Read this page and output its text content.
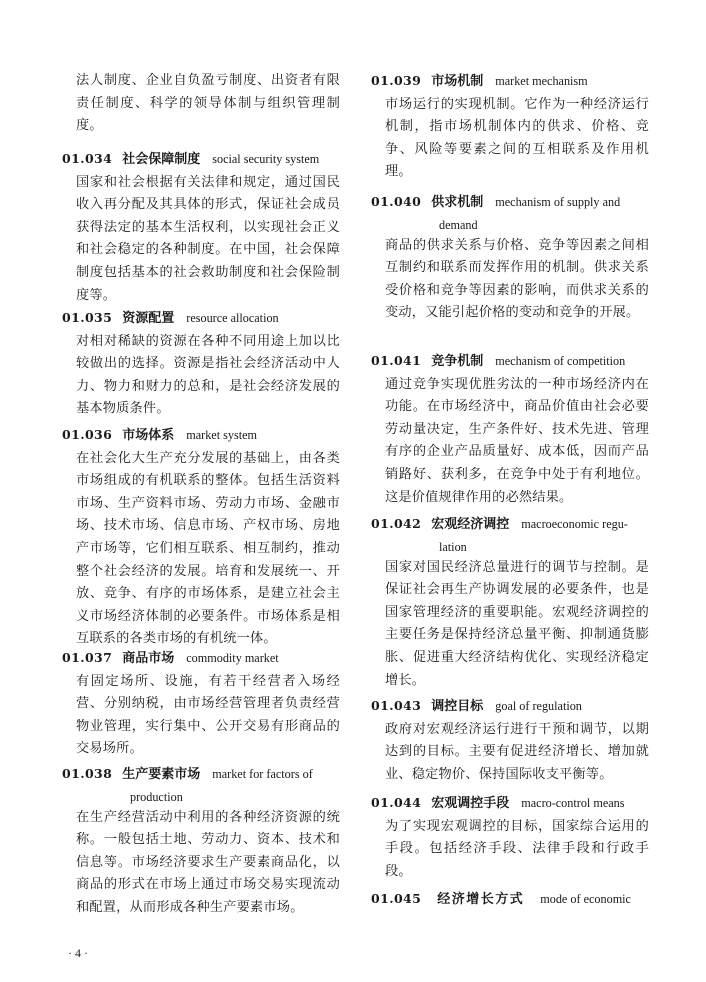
法人制度、企业自负盈亏制度、出资者有限责任制度、科学的领导体制与组织管理制度。
01.034 社会保障制度 social security system
国家和社会根据有关法律和规定，通过国民收入再分配及其具体的形式，保证社会成员获得法定的基本生活权利，以实现社会正义和社会稳定的各种制度。在中国，社会保障制度包括基本的社会救助制度和社会保险制度等。
01.035 资源配置 resource allocation
对相对稀缺的资源在各种不同用途上加以比较做出的选择。资源是指社会经济活动中人力、物力和财力的总和，是社会经济发展的基本物质条件。
01.036 市场体系 market system
在社会化大生产充分发展的基础上，由各类市场组成的有机联系的整体。包括生活资料市场、生产资料市场、劳动力市场、金融市场、技术市场、信息市场、产权市场、房地产市场等，它们相互联系、相互制约，推动整个社会经济的发展。培育和发展统一、开放、竞争、有序的市场体系，是建立社会主义市场经济体制的必要条件。市场体系是相互联系的各类市场的有机统一体。
01.037 商品市场 commodity market
有固定场所、设施，有若干经营者入场经营、分别纳税，由市场经营管理者负责经营物业管理，实行集中、公开交易有形商品的交易场所。
01.038 生产要素市场 market for factors of
production
在生产经营活动中利用的各种经济资源的统称。一般包括土地、劳动力、资本、技术和信息等。市场经济要求生产要素商品化，以商品的形式在市场上通过市场交易实现流动和配置，从而形成各种生产要素市场。
· 4 ·
01.039 市场机制 market mechanism
市场运行的实现机制。它作为一种经济运行机制，指市场机制体内的供求、价格、竞争、风险等要素之间的互相联系及作用机理。
01.040 供求机制 mechanism of supply and
demand
商品的供求关系与价格、竞争等因素之间相互制约和联系而发挥作用的机制。供求关系受价格和竞争等因素的影响，而供求关系的变动，又能引起价格的变动和竞争的开展。
01.041 竞争机制 mechanism of competition
通过竞争实现优胜劣汰的一种市场经济内在功能。在市场经济中，商品价值由社会必要劳动量决定，生产条件好、技术先进、管理有序的企业产品质量好、成本低，因而产品销路好、获利多，在竞争中处于有利地位。这是价值规律作用的必然结果。
01.042 宏观经济调控 macroeconomic regu-
lation
国家对国民经济总量进行的调节与控制。是保证社会再生产协调发展的必要条件，也是国家管理经济的重要职能。宏观经济调控的主要任务是保持经济总量平衡、抑制通货膨胀、促进重大经济结构优化、实现经济稳定增长。
01.043 调控目标 goal of regulation
政府对宏观经济运行进行干预和调节，以期达到的目标。主要有促进经济增长、增加就业、稳定物价、保持国际收支平衡等。
01.044 宏观调控手段 macro-control means
为了实现宏观调控的目标，国家综合运用的手段。包括经济手段、法律手段和行政手段。
01.045 经济增长方式 mode of economic
